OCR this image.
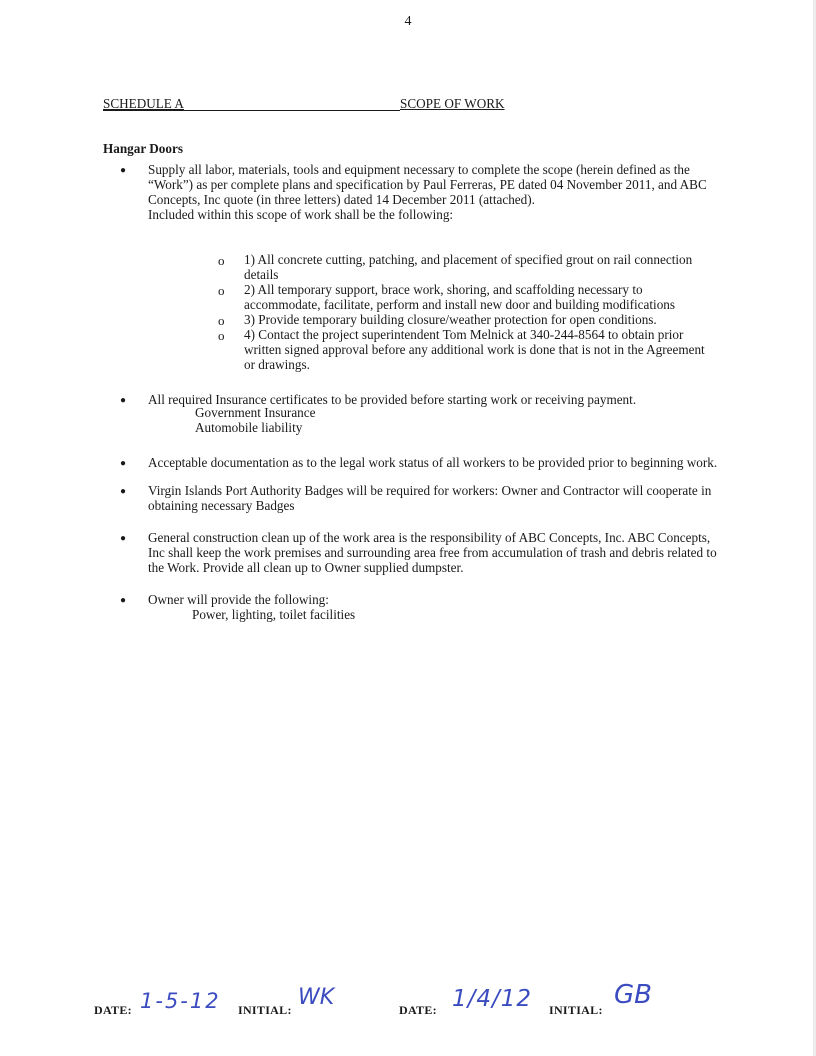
4
SCHEDULE A	SCOPE OF WORK
Hangar Doors
● Supply all labor, materials, tools and equipment necessary to complete the scope (herein defined as the
“Work”) as per complete plans and specification by Paul Ferreras, PE dated 04 November 2011, and ABC
Concepts, Inc quote (in three letters) dated 14 December 2011 (attached).
Included within this scope of work shall be the following:
o 1) All concrete cutting, patching, and placement of specified grout on rail connection
details
o 2) All temporary support, brace work, shoring, and scaffolding necessary to
accommodate, facilitate, perform and install new door and building modifications
o 3) Provide temporary building closure/weather protection for open conditions.
o 4) Contact the project superintendent Tom Melnick at 340-244-8564 to obtain prior
written signed approval before any additional work is done that is not in the Agreement
or drawings.
● All required Insurance certificates to be provided before starting work or receiving payment.
Government Insurance
Automobile liability
● Acceptable documentation as to the legal work status of all workers to be provided prior to beginning work.
● Virgin Islands Port Authority Badges will be required for workers: Owner and Contractor will cooperate in
obtaining necessary Badges
● General construction clean up of the work area is the responsibility of ABC Concepts, Inc. ABC Concepts,
Inc shall keep the work premises and surrounding area free from accumulation of trash and debris related to
the Work. Provide all clean up to Owner supplied dumpster.
● Owner will provide the following:
Power, lighting, toilet facilities
DATE: 1-5-12 INITIAL: WK	DATE: 1/4/12 INITIAL: GB
